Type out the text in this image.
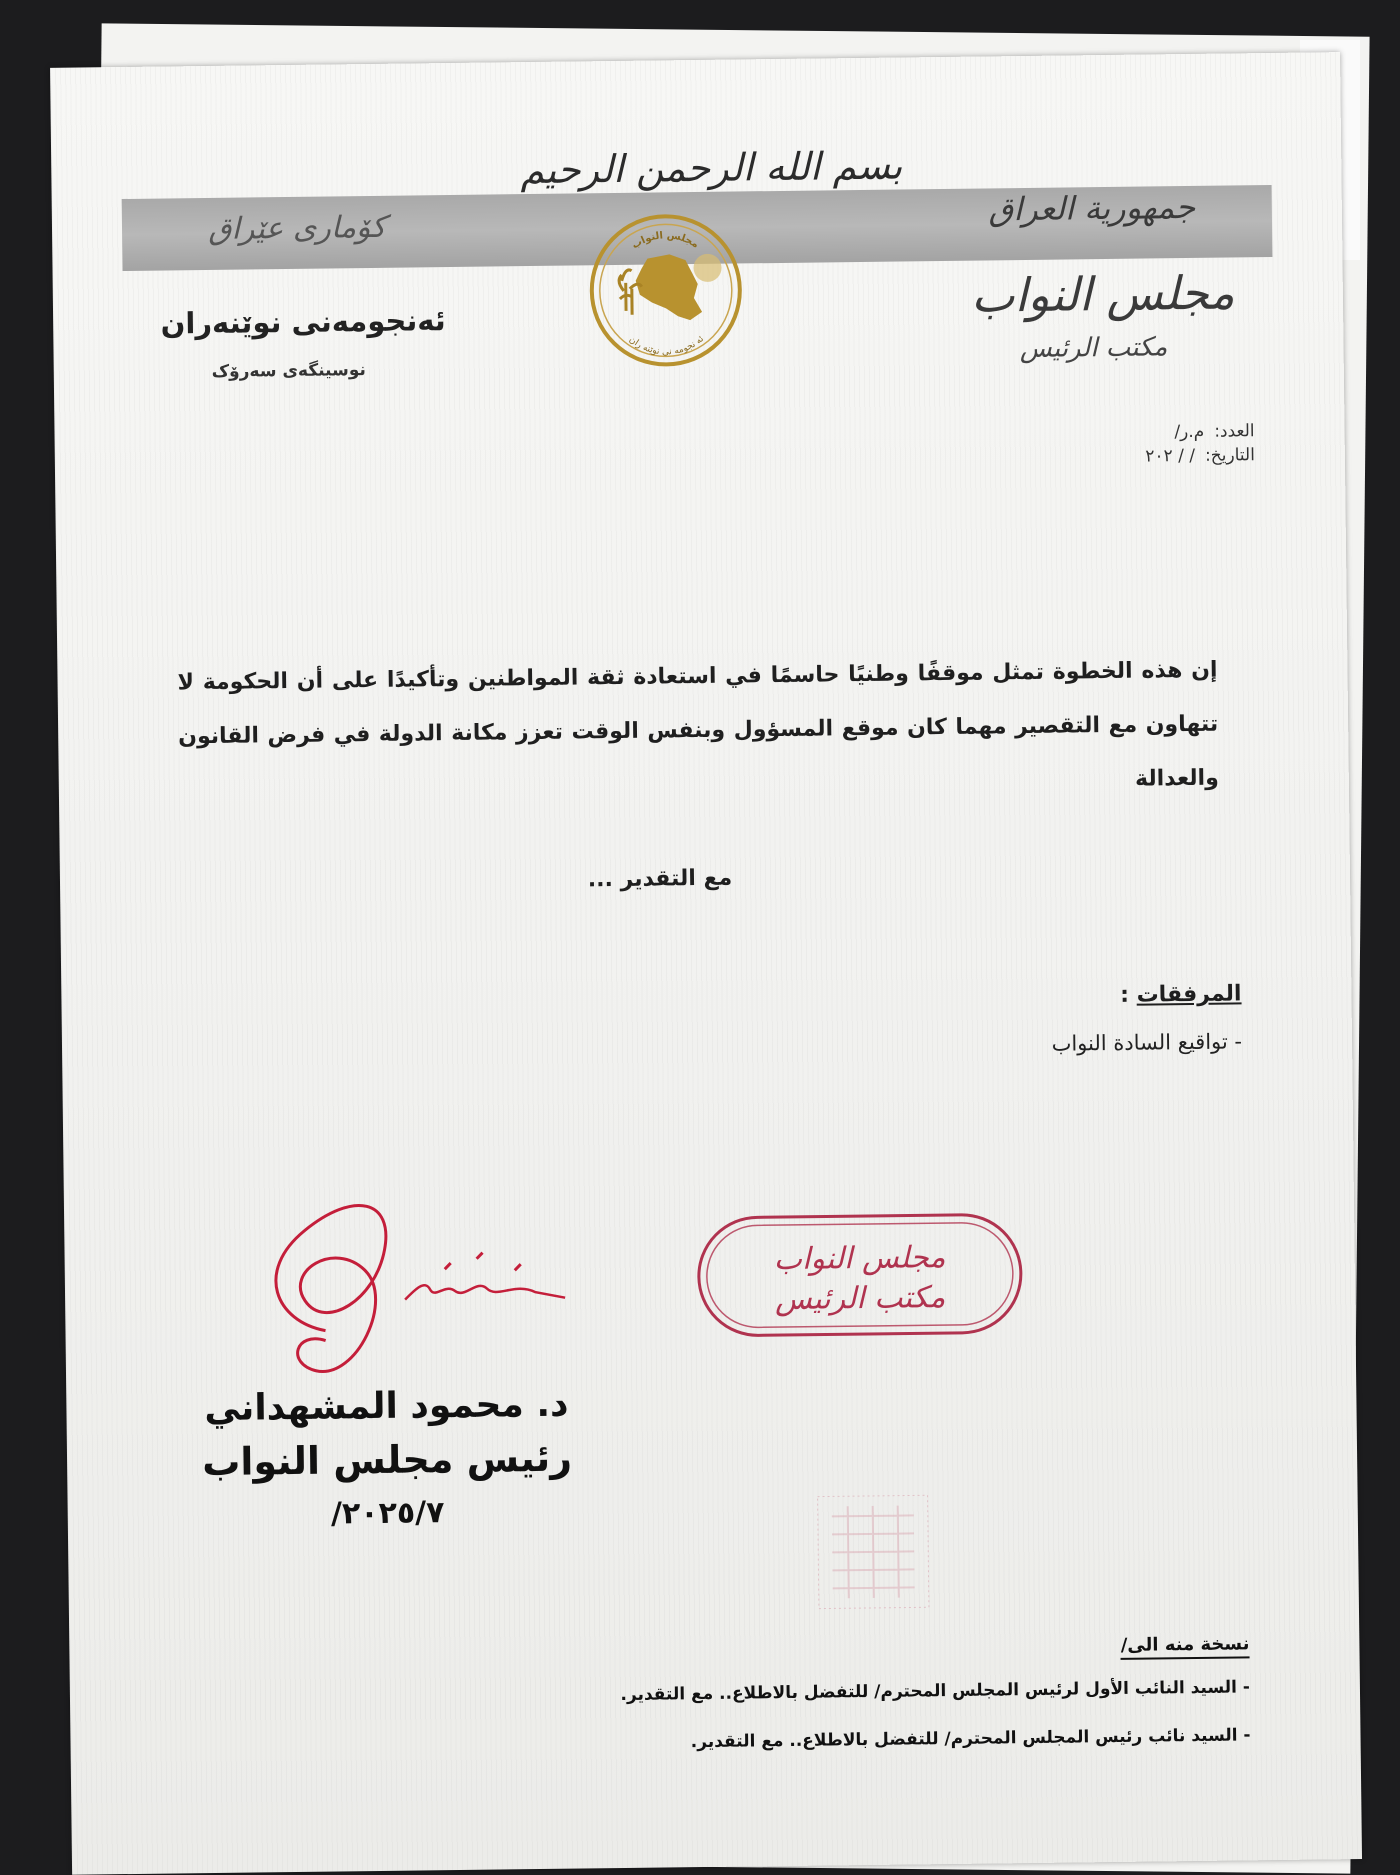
بسم الله الرحمن الرحيم
كۆماری عێراق	جمهورية العراق
ئەنجومەنی نوێنەران
نوسینگەی سەرۆک
مجلس النواب
مكتب الرئيس
مجلس النواب
ئه نجومه نی نوێنه ران
العدد:م.ر/
التاريخ:/ / ٢٠٢
إن هذه الخطوة تمثل موقفًا وطنيًا حاسمًا في استعادة ثقة المواطنين وتأكيدًا على أن الحكومة لا تتهاون مع التقصير مهما كان موقع المسؤول وبنفس الوقت تعزز مكانة الدولة في فرض القانون والعدالة
مع التقدير ...
المرفقات :
- تواقيع السادة النواب
مجلس النواب
مكتب الرئيس
د. محمود المشهداني
رئيس مجلس النواب
٢٠٢٥/٧/
نسخة منه الى/
- السيد النائب الأول لرئيس المجلس المحترم/ للتفضل بالاطلاع.. مع التقدير.
- السيد نائب رئيس المجلس المحترم/ للتفضل بالاطلاع.. مع التقدير.
